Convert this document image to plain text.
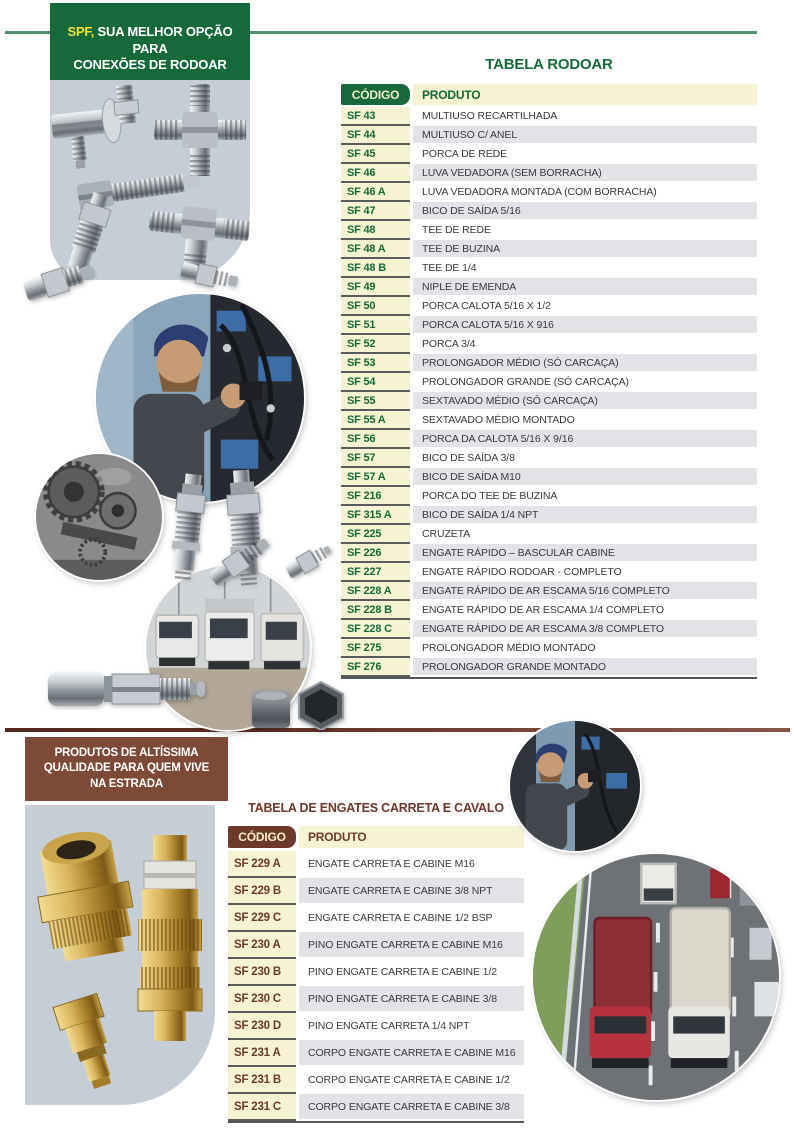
SPF, SUA MELHOR OPÇÃO PARA
CONEXÕES DE RODOAR	TABELA RODOAR
CÓDIGO	PRODUTO
SF 43	MULTIUSO RECARTILHADA
SF 44	MULTIUSO C/ ANEL
SF 45	PORCA DE REDE
SF 46	LUVA VEDADORA (SEM BORRACHA)
SF 46 A	LUVA VEDADORA MONTADA (COM BORRACHA)
SF 47	BICO DE SAÍDA 5/16
SF 48	TEE DE REDE
SF 48 A	TEE DE BUZINA
SF 48 B	TEE DE 1/4
SF 49	NIPLE DE EMENDA
SF 50	PORCA CALOTA 5/16 X 1/2
SF 51	PORCA CALOTA 5/16 X 916
SF 52	PORCA 3/4
SF 53	PROLONGADOR MÉDIO (SÓ CARCAÇA)
SF 54	PROLONGADOR GRANDE (SÓ CARCAÇA)
SF 55	SEXTAVADO MÉDIO (SÓ CARCAÇA)
SF 55 A	SEXTAVADO MÉDIO MONTADO
SF 56	PORCA DA CALOTA 5/16 X 9/16
SF 57	BICO DE SAÍDA 3/8
SF 57 A	BICO DE SAÍDA M10
SF 216	PORCA DO TEE DE BUZINA
SF 315 A	BICO DE SAÍDA 1/4 NPT
SF 225	CRUZETA
SF 226	ENGATE RÁPIDO – BASCULAR CABINE
SF 227	ENGATE RÁPIDO RODOAR - COMPLETO
SF 228 A	ENGATE RÁPIDO DE AR ESCAMA 5/16 COMPLETO
SF 228 B	ENGATE RÁPIDO DE AR ESCAMA 1/4 COMPLETO
SF 228 C	ENGATE RÁPIDO DE AR ESCAMA 3/8 COMPLETO
SF 275	PROLONGADOR MÉDIO MONTADO
SF 276	PROLONGADOR GRANDE MONTADO
PRODUTOS DE ALTÍSSIMA
QUALIDADE PARA QUEM VIVE
NA ESTRADA
TABELA DE ENGATES CARRETA E CAVALO
CÓDIGO	PRODUTO
SF 229 A	ENGATE CARRETA E CABINE M16
SF 229 B	ENGATE CARRETA E CABINE 3/8 NPT
SF 229 C	ENGATE CARRETA E CABINE 1/2 BSP
SF 230 A	PINO ENGATE CARRETA E CABINE M16
SF 230 B	PINO ENGATE CARRETA E CABINE 1/2
SF 230 C	PINO ENGATE CARRETA E CABINE 3/8
SF 230 D	PINO ENGATE CARRETA 1/4 NPT
SF 231 A	CORPO ENGATE CARRETA E CABINE M16
SF 231 B	CORPO ENGATE CARRETA E CABINE 1/2
SF 231 C	CORPO ENGATE CARRETA E CABINE 3/8
